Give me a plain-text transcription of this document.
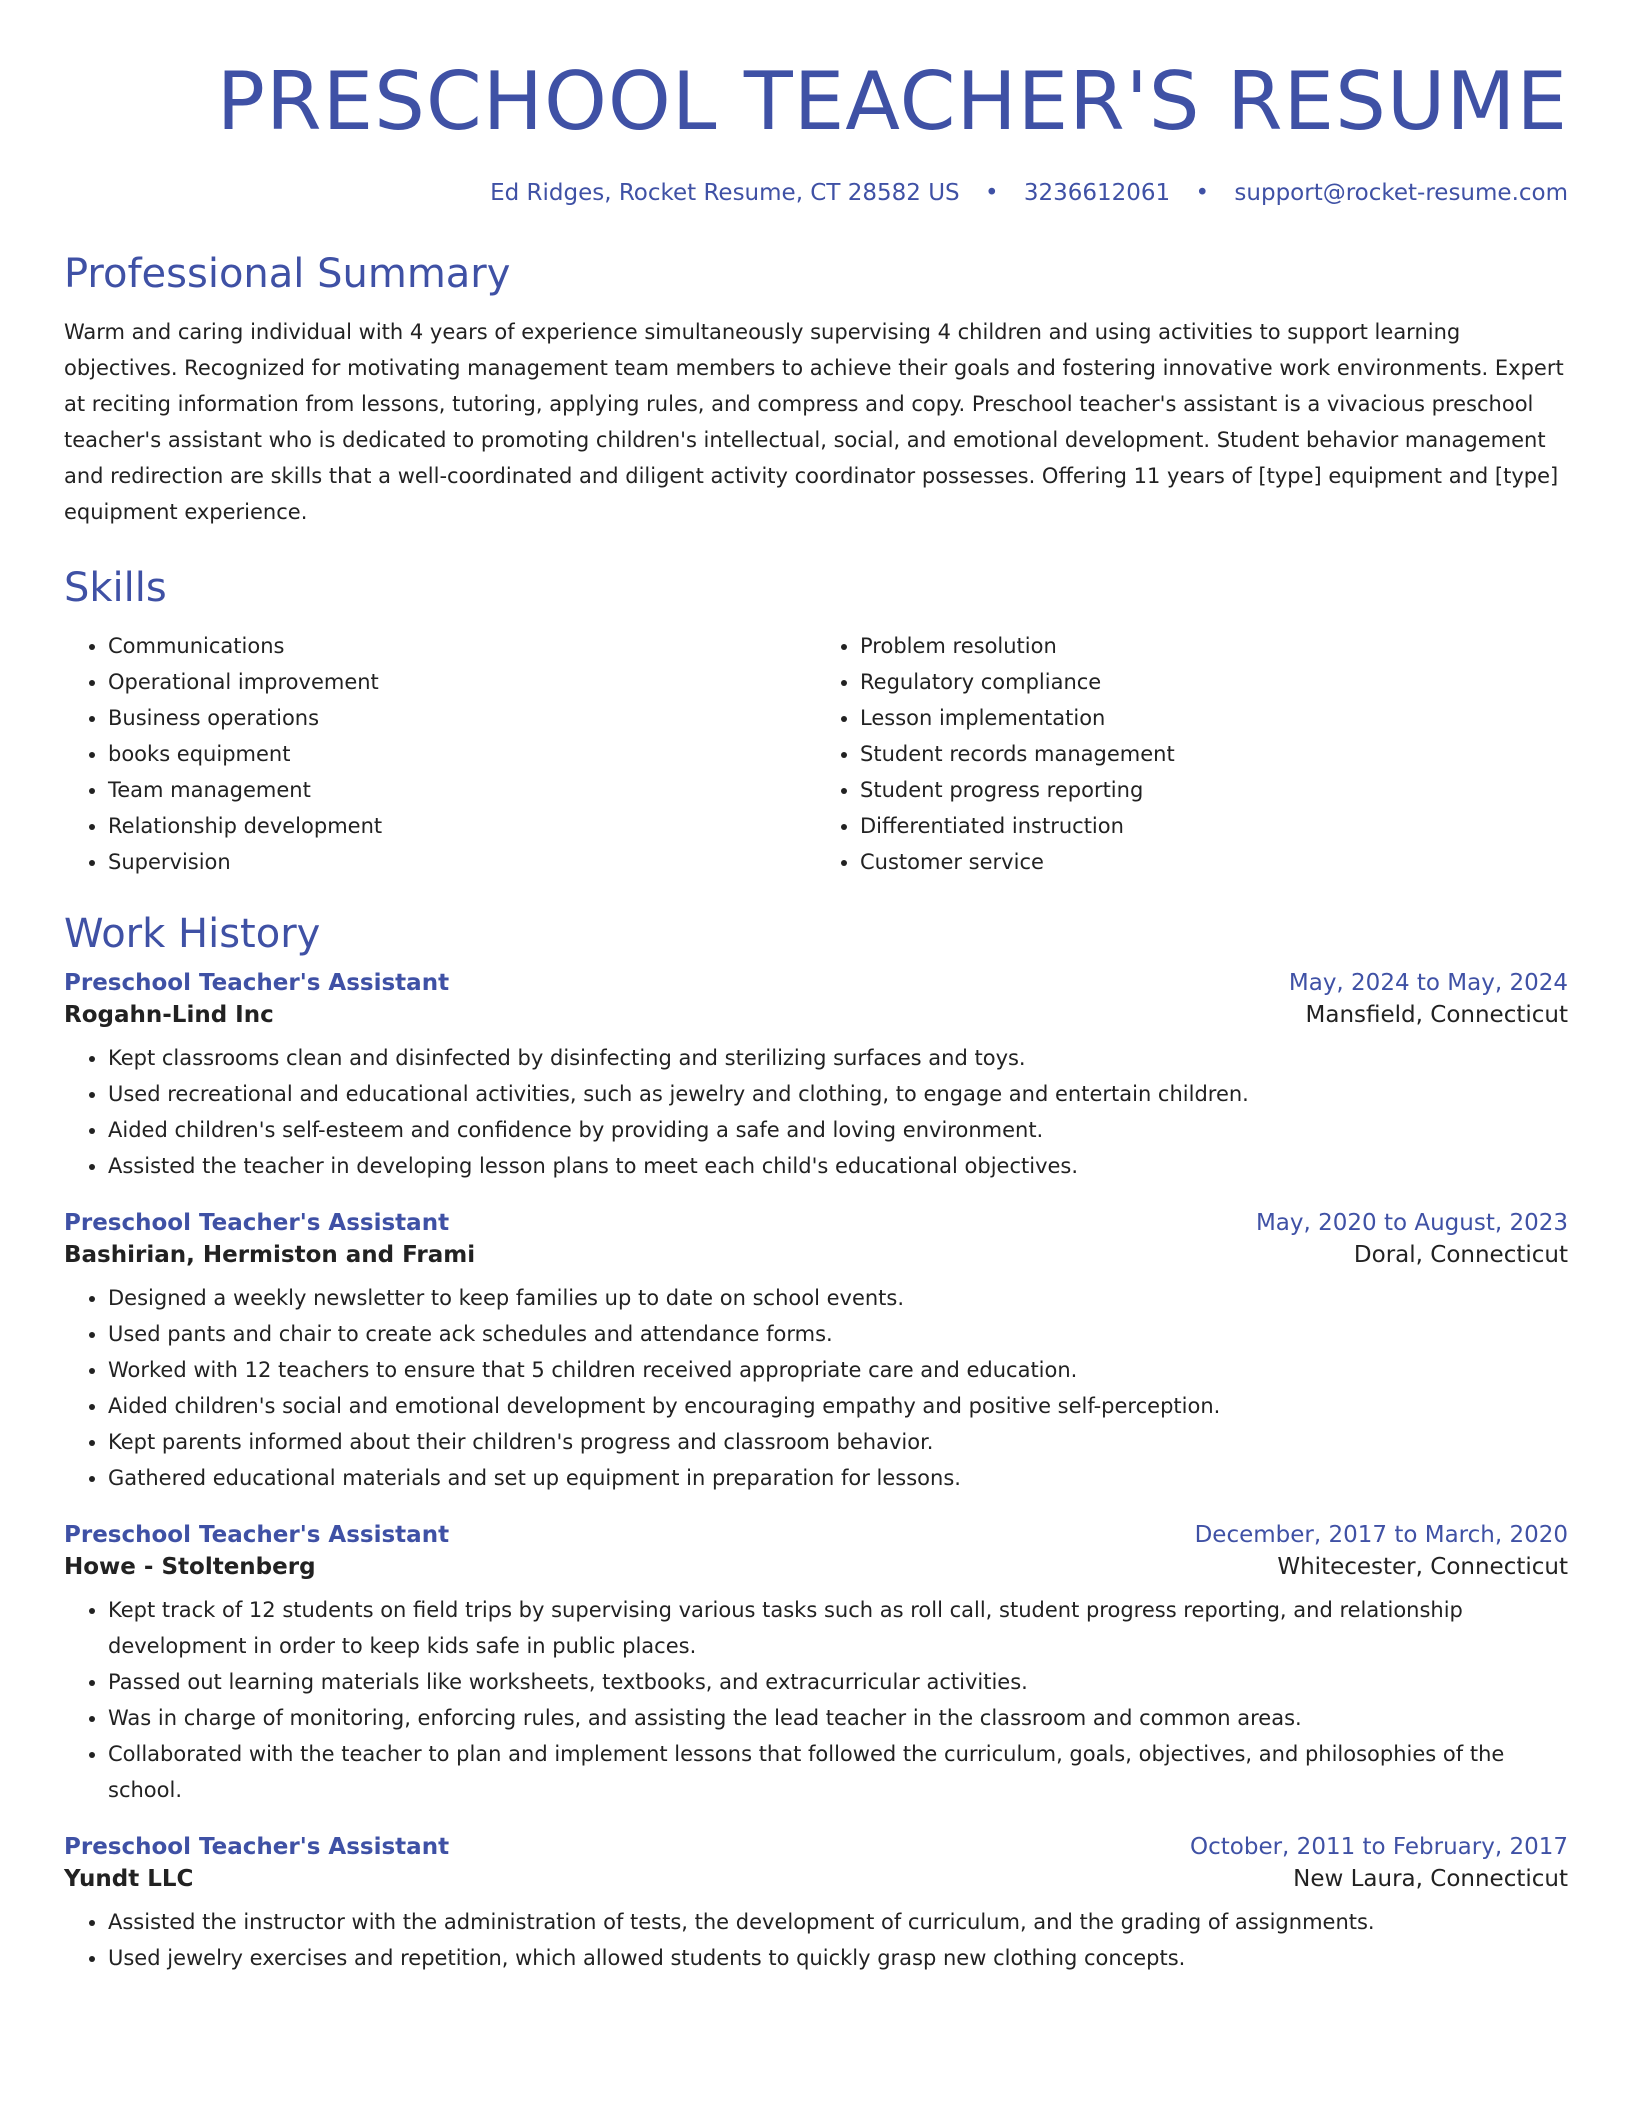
PRESCHOOL TEACHER'S RESUME
Ed Ridges, Rocket Resume, CT 28582 US • 3236612061 • support@rocket-resume.com
Professional Summary

Warm and caring individual with 4 years of experience simultaneously supervising 4 children and using activities to support learning objectives. Recognized for motivating management team members to achieve their goals and fostering innovative work environments. Expert at reciting information from lessons, tutoring, applying rules, and compress and copy. Preschool teacher's assistant is a vivacious preschool teacher's assistant who is dedicated to promoting children's intellectual, social, and emotional development. Student behavior management and redirection are skills that a well-coordinated and diligent activity coordinator possesses. Offering 11 years of [type] equipment and [type] equipment experience.

Skills
• Communications
• Operational improvement
• Business operations
• books equipment
• Team management
• Relationship development
• Supervision
• Problem resolution
• Regulatory compliance
• Lesson implementation
• Student records management
• Student progress reporting
• Differentiated instruction
• Customer service
Work History
Preschool Teacher's Assistant	May, 2024 to May, 2024
Rogahn-Lind Inc	Mansfield, Connecticut
• Kept classrooms clean and disinfected by disinfecting and sterilizing surfaces and toys.
• Used recreational and educational activities, such as jewelry and clothing, to engage and entertain children.
• Aided children's self-esteem and confidence by providing a safe and loving environment.
• Assisted the teacher in developing lesson plans to meet each child's educational objectives.
Preschool Teacher's Assistant	May, 2020 to August, 2023
Bashirian, Hermiston and Frami	Doral, Connecticut
• Designed a weekly newsletter to keep families up to date on school events.
• Used pants and chair to create ack schedules and attendance forms.
• Worked with 12 teachers to ensure that 5 children received appropriate care and education.
• Aided children's social and emotional development by encouraging empathy and positive self-perception.
• Kept parents informed about their children's progress and classroom behavior.
• Gathered educational materials and set up equipment in preparation for lessons.
Preschool Teacher's Assistant	December, 2017 to March, 2020
Howe - Stoltenberg	Whitecester, Connecticut
• Kept track of 12 students on field trips by supervising various tasks such as roll call, student progress reporting, and relationship development in order to keep kids safe in public places.
• Passed out learning materials like worksheets, textbooks, and extracurricular activities.
• Was in charge of monitoring, enforcing rules, and assisting the lead teacher in the classroom and common areas.
• Collaborated with the teacher to plan and implement lessons that followed the curriculum, goals, objectives, and philosophies of the school.
Preschool Teacher's Assistant	October, 2011 to February, 2017
Yundt LLC	New Laura, Connecticut
• Assisted the instructor with the administration of tests, the development of curriculum, and the grading of assignments.
• Used jewelry exercises and repetition, which allowed students to quickly grasp new clothing concepts.
